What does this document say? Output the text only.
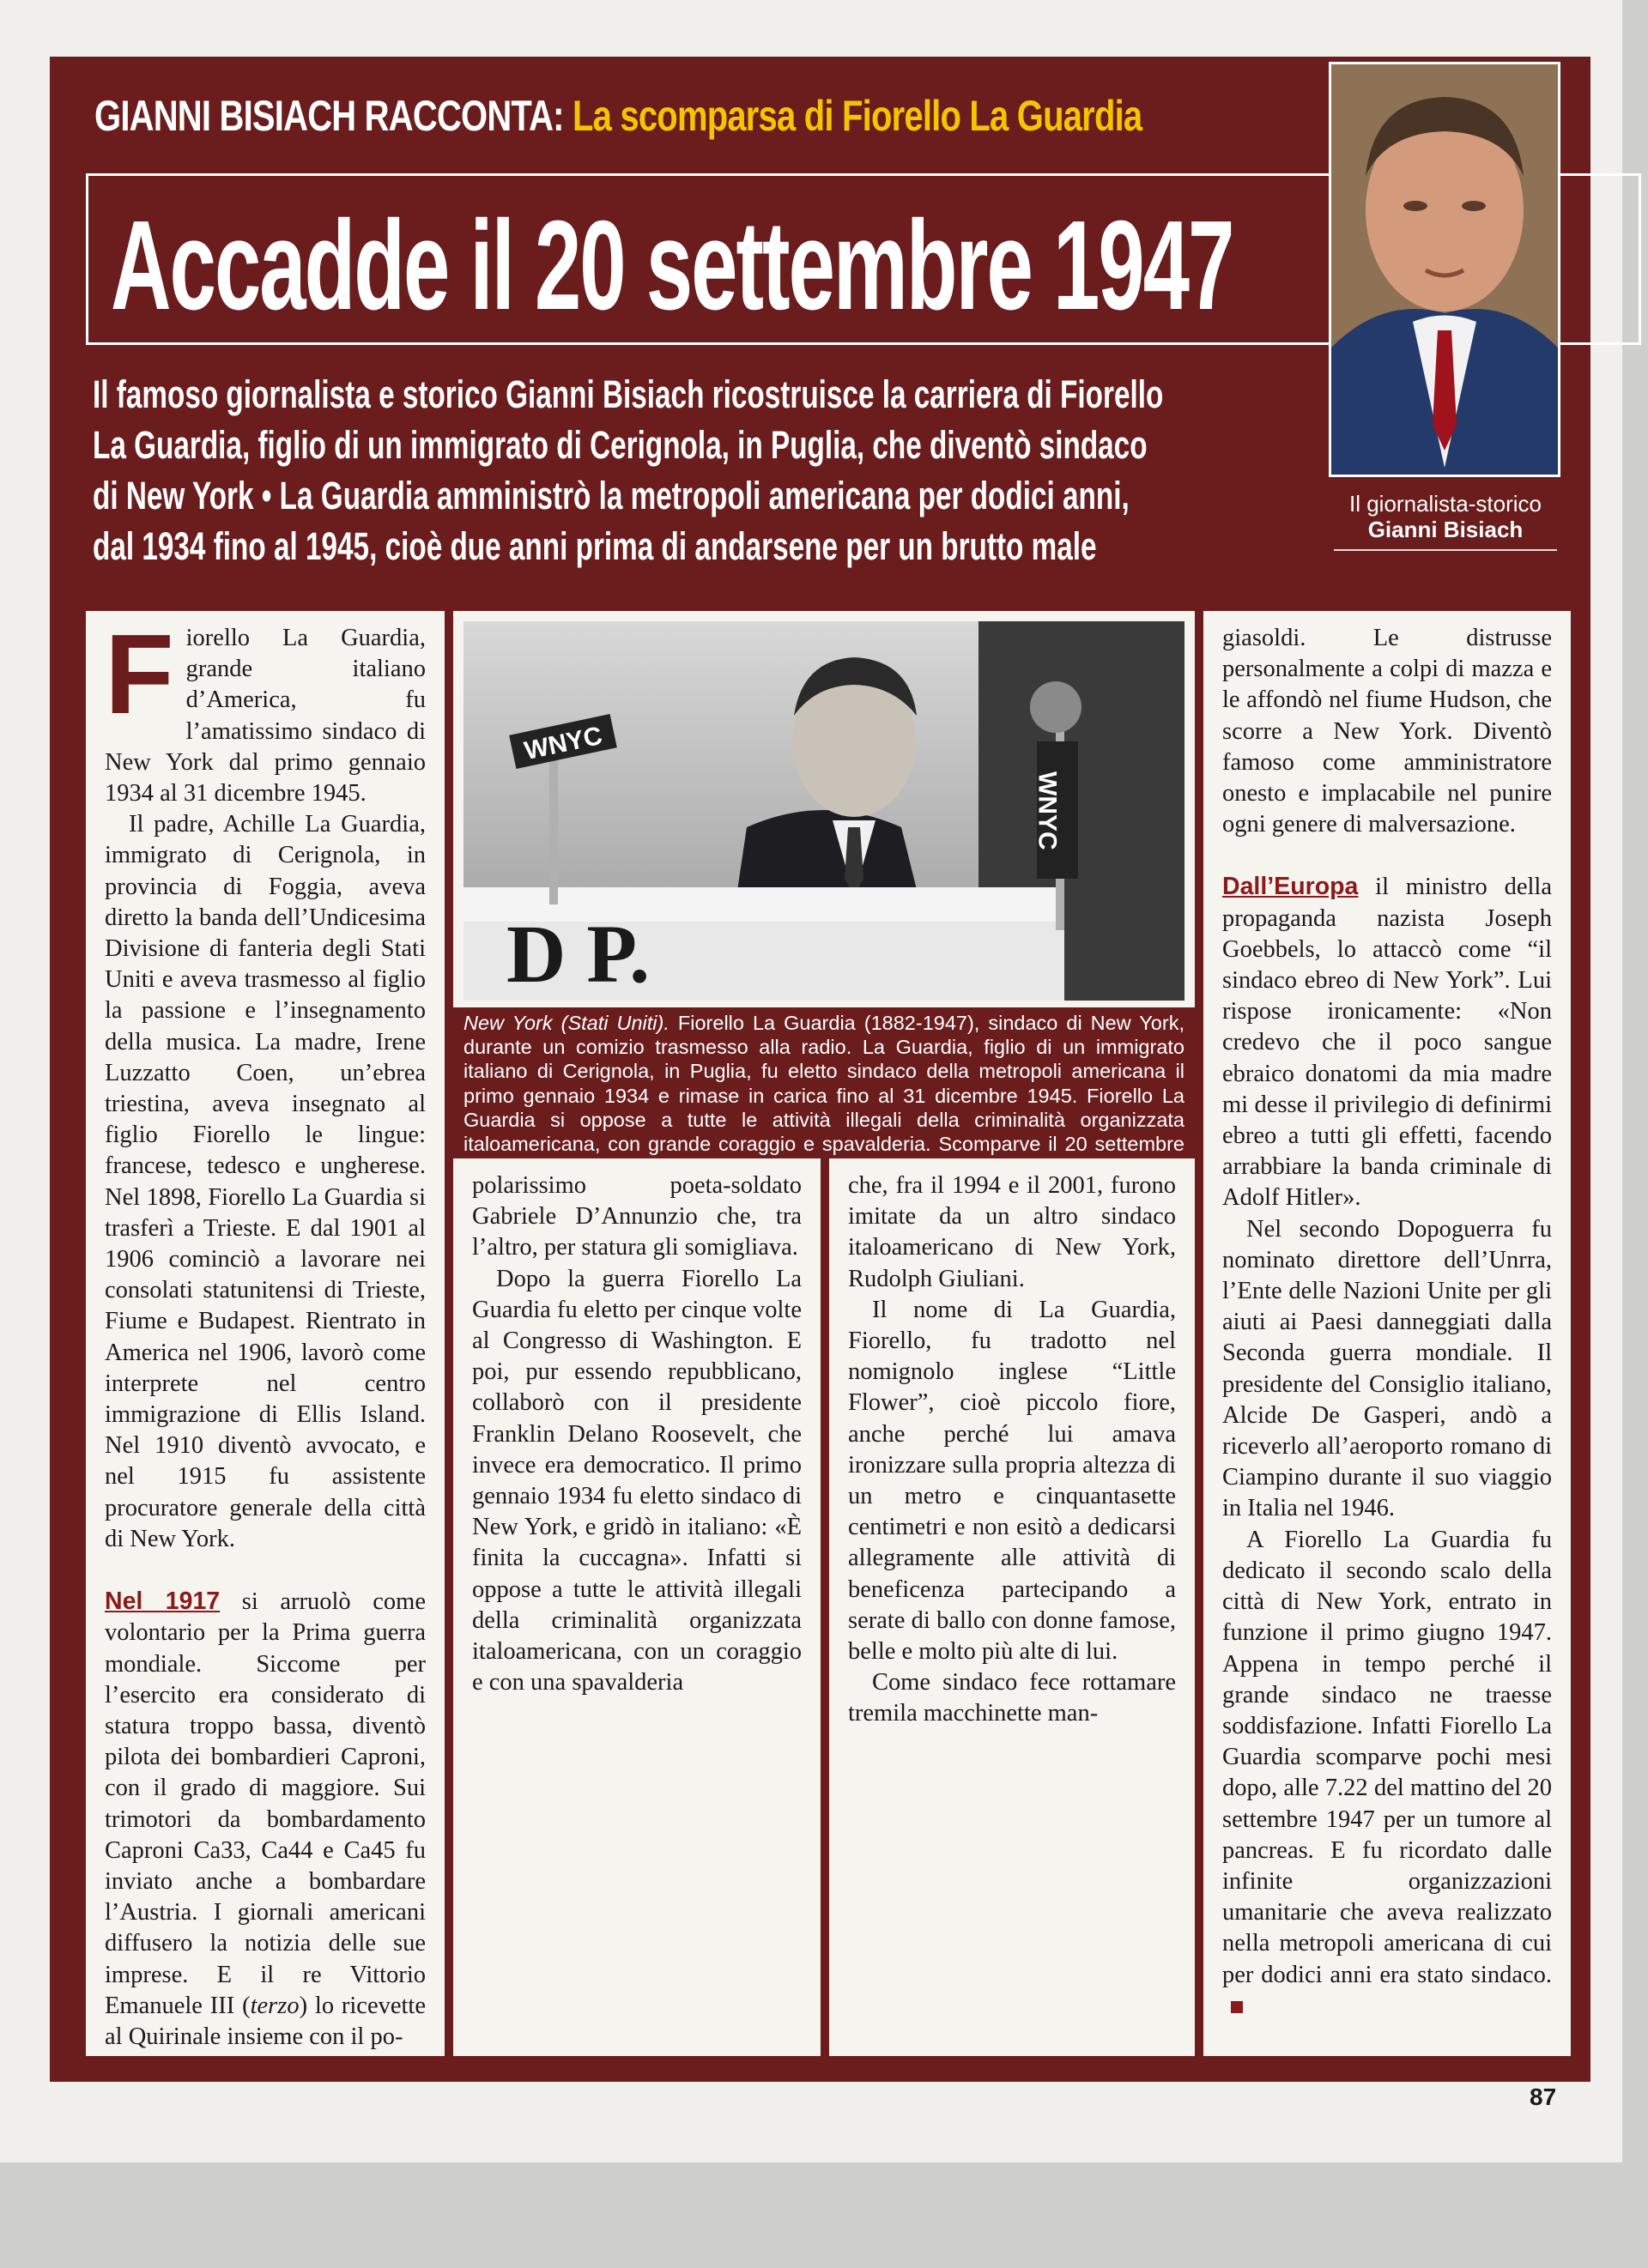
GIANNI BISIACH RACCONTA: La scomparsa di Fiorello La Guardia
Accadde il 20 settembre 1947
Il famoso giornalista e storico Gianni Bisiach ricostruisce la carriera di Fiorello
La Guardia, figlio di un immigrato di Cerignola, in Puglia, che diventò sindaco
di New York • La Guardia amministrò la metropoli americana per dodici anni,
dal 1934 fino al 1945, cioè due anni prima di andarsene per un brutto male
Il giornalista-storico
Gianni Bisiach

Fiorello La Guardia, grande italiano d’America, fu l’amatissimo sindaco di New York dal primo gennaio 1934 al 31 dicembre 1945.

Il padre, Achille La Guardia, immigrato di Cerignola, in provincia di Foggia, aveva diretto la banda dell’Undicesima Divisione di fanteria degli Stati Uniti e aveva trasmesso al figlio la passione e l’insegnamento della musica. La madre, Irene Luzzatto Coen, un’ebrea triestina, aveva insegnato al figlio Fiorello le lingue: francese, tedesco e ungherese. Nel 1898, Fiorello La Guardia si trasferì a Trieste. E dal 1901 al 1906 cominciò a lavorare nei consolati statunitensi di Trieste, Fiume e Budapest. Rientrato in America nel 1906, lavorò come interprete nel centro immigrazione di Ellis Island. Nel 1910 diventò avvocato, e nel 1915 fu assistente procuratore generale della città di New York.

Nel 1917 si arruolò come volontario per la Prima guerra mondiale. Siccome per l’esercito era considerato di statura troppo bassa, diventò pilota dei bombardieri Caproni, con il grado di maggiore. Sui trimotori da bombardamento Caproni Ca33, Ca44 e Ca45 fu inviato anche a bombardare l’Austria. I giornali americani diffusero la notizia delle sue imprese. E il re Vittorio Emanuele III (terzo) lo ricevette al Quirinale insieme con il po-

WNYC
WNYC
D P.
New York (Stati Uniti). Fiorello La Guardia (1882-1947), sindaco di New York, durante un comizio trasmesso alla radio. La Guardia, figlio di un immigrato italiano di Cerignola, in Puglia, fu eletto sindaco della metropoli americana il primo gennaio 1934 e rimase in carica fino al 31 dicembre 1945. Fiorello La Guardia si oppose a tutte le attività illegali della criminalità organizzata italoamericana, con grande coraggio e spavalderia. Scomparve il 20 settembre

polarissimo poeta-soldato Gabriele D’Annunzio che, tra l’altro, per statura gli somigliava.

Dopo la guerra Fiorello La Guardia fu eletto per cinque volte al Congresso di Washington. E poi, pur essendo repubblicano, collaborò con il presidente Franklin Delano Roosevelt, che invece era democratico. Il primo gennaio 1934 fu eletto sindaco di New York, e gridò in italiano: «È finita la cuccagna». Infatti si oppose a tutte le attività illegali della criminalità organizzata italoamericana, con un coraggio e con una spavalderia

che, fra il 1994 e il 2001, furono imitate da un altro sindaco italoamericano di New York, Rudolph Giuliani.

Il nome di La Guardia, Fiorello, fu tradotto nel nomignolo inglese “Little Flower”, cioè piccolo fiore, anche perché lui amava ironizzare sulla propria altezza di un metro e cinquantasette centimetri e non esitò a dedicarsi allegramente alle attività di beneficenza partecipando a serate di ballo con donne famose, belle e molto più alte di lui.

Come sindaco fece rottamare tremila macchinette man-

giasoldi. Le distrusse personalmente a colpi di mazza e le affondò nel fiume Hudson, che scorre a New York. Diventò famoso come amministratore onesto e implacabile nel punire ogni genere di malversazione.

Dall’Europa il ministro della propaganda nazista Joseph Goebbels, lo attaccò come “il sindaco ebreo di New York”. Lui rispose ironicamente: «Non credevo che il poco sangue ebraico donatomi da mia madre mi desse il privilegio di definirmi ebreo a tutti gli effetti, facendo arrabbiare la banda criminale di Adolf Hitler».

Nel secondo Dopoguerra fu nominato direttore dell’Unrra, l’Ente delle Nazioni Unite per gli aiuti ai Paesi danneggiati dalla Seconda guerra mondiale. Il presidente del Consiglio italiano, Alcide De Gasperi, andò a riceverlo all’aeroporto romano di Ciampino durante il suo viaggio in Italia nel 1946.

A Fiorello La Guardia fu dedicato il secondo scalo della città di New York, entrato in funzione il primo giugno 1947. Appena in tempo perché il grande sindaco ne traesse soddisfazione. Infatti Fiorello La Guardia scomparve pochi mesi dopo, alle 7.22 del mattino del 20 settembre 1947 per un tumore al pancreas. E fu ricordato dalle infinite organizzazioni umanitarie che aveva realizzato nella metropoli americana di cui per dodici anni era stato sindaco.

87
